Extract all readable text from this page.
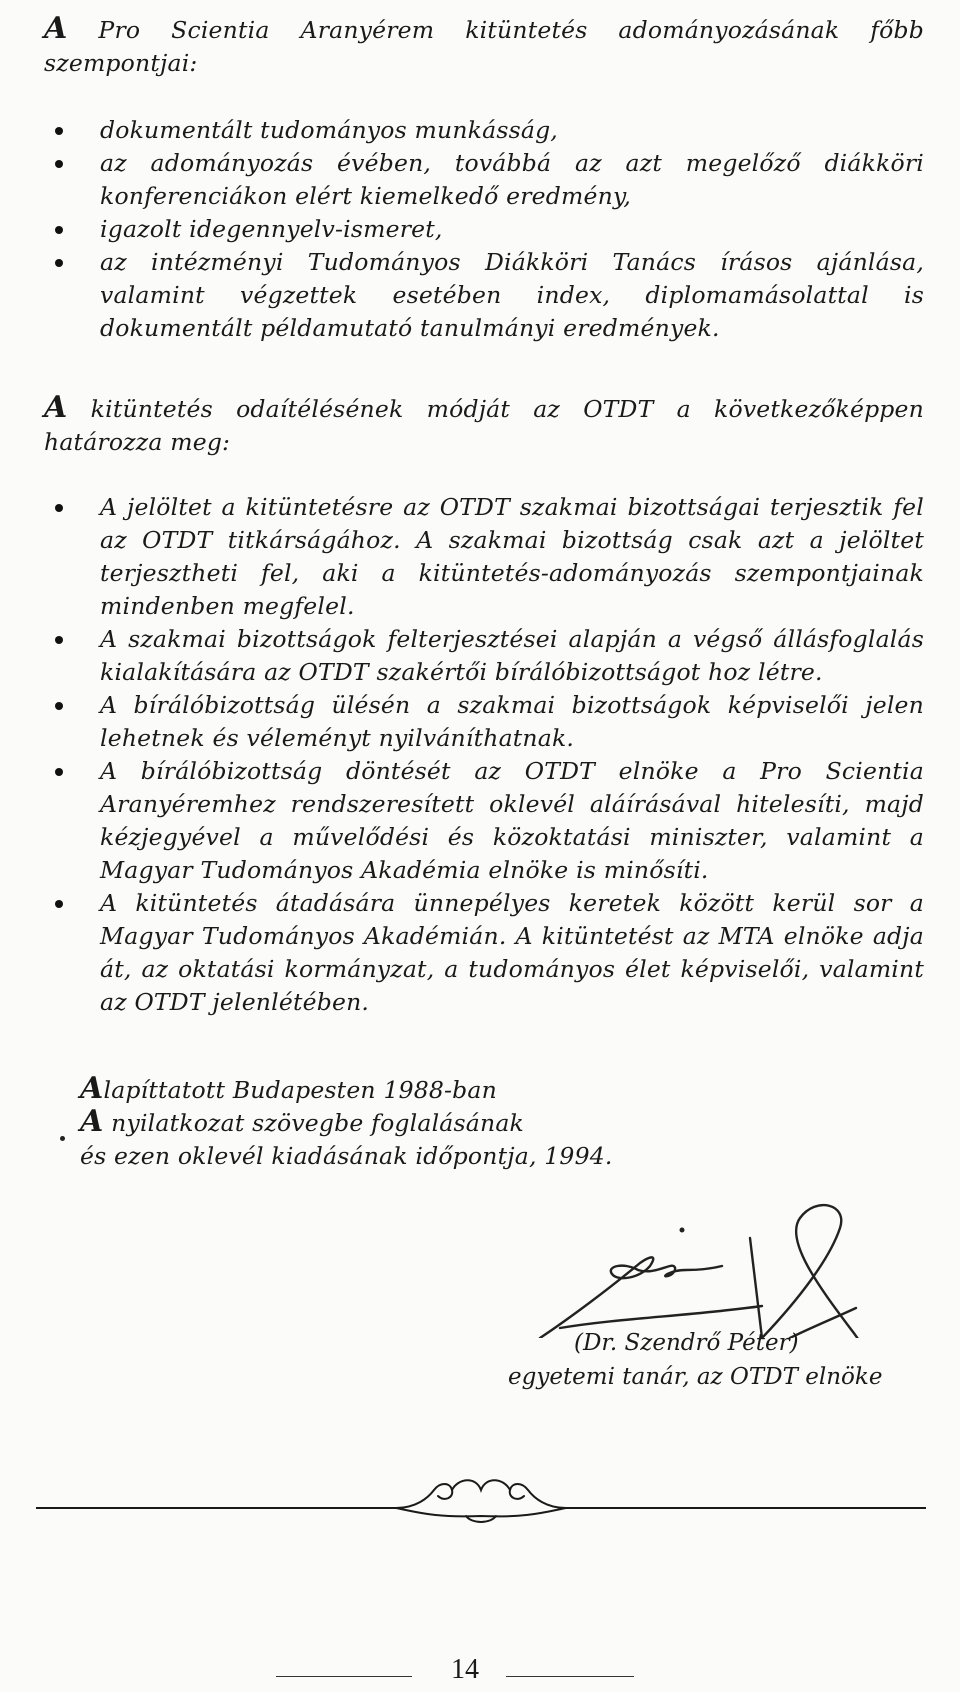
A Pro Scientia Aranyérem kitüntetés adományozásának főbb szempontjai:

dokumentált tudományos munkásság,
az adományozás évében, továbbá az azt megelőző diákköri konferenciákon elért kiemelkedő eredmény,
igazolt idegennyelv-ismeret,
az intézményi Tudományos Diákköri Tanács írásos ajánlása, valamint végzettek esetében index, diplomamásolattal is dokumentált példamutató tanulmányi eredmények.

A kitüntetés odaítélésének módját az OTDT a következőképpen határozza meg:

A jelöltet a kitüntetésre az OTDT szakmai bizottságai terjesztik fel az OTDT titkárságához. A szakmai bizottság csak azt a jelöltet terjesztheti fel, aki a kitüntetés-adományozás szempontjainak mindenben megfelel.
A szakmai bizottságok felterjesztései alapján a végső állásfoglalás kialakítására az OTDT szakértői bírálóbizottságot hoz létre.
A bírálóbizottság ülésén a szakmai bizottságok képviselői jelen lehetnek és véleményt nyilváníthatnak.
A bírálóbizottság döntését az OTDT elnöke a Pro Scientia Aranyéremhez rendszeresített oklevél aláírásával hitelesíti, majd kézjegyével a művelődési és közoktatási miniszter, valamint a Magyar Tudományos Akadémia elnöke is minősíti.
A kitüntetés átadására ünnepélyes keretek között kerül sor a Magyar Tudományos Akadémián. A kitüntetést az MTA elnöke adja át, az oktatási kormányzat, a tudományos élet képviselői, valamint az OTDT jelenlétében.
Alapíttatott Budapesten 1988-ban
A nyilatkozat szövegbe foglalásának
és ezen oklevél kiadásának időpontja, 1994.
(Dr. Szendrő Péter)
egyetemi tanár, az OTDT elnöke
14
